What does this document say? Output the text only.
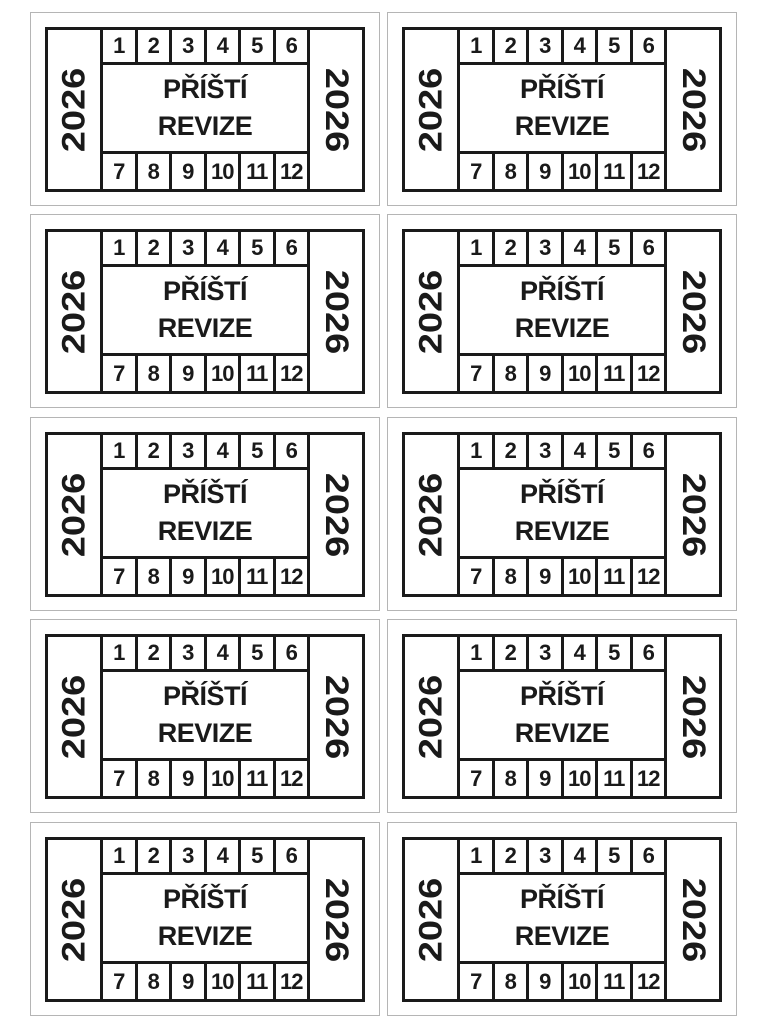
2026
1	2	3	4	5	6
PŘÍŠTÍ
REVIZE
7	8	9 10 11 12
2026 2026
1	2	3	4	5	6
PŘÍŠTÍ
REVIZE
7	8	9 10 11 12
2026
2026
1	2	3	4	5	6
PŘÍŠTÍ
REVIZE
7	8	9 10 11 12
2026 2026
1	2	3	4	5	6
PŘÍŠTÍ
REVIZE
7	8	9 10 11 12
2026
2026
1	2	3	4	5	6
PŘÍŠTÍ
REVIZE
7	8	9 10 11 12
2026 2026
1	2	3	4	5	6
PŘÍŠTÍ
REVIZE
7	8	9 10 11 12
2026
2026
1	2	3	4	5	6
PŘÍŠTÍ
REVIZE
7	8	9 10 11 12
2026 2026
1	2	3	4	5	6
PŘÍŠTÍ
REVIZE
7	8	9 10 11 12
2026
2026
1	2	3	4	5	6
PŘÍŠTÍ
REVIZE
7	8	9 10 11 12
2026 2026
1	2	3	4	5	6
PŘÍŠTÍ
REVIZE
7	8	9 10 11 12
2026
